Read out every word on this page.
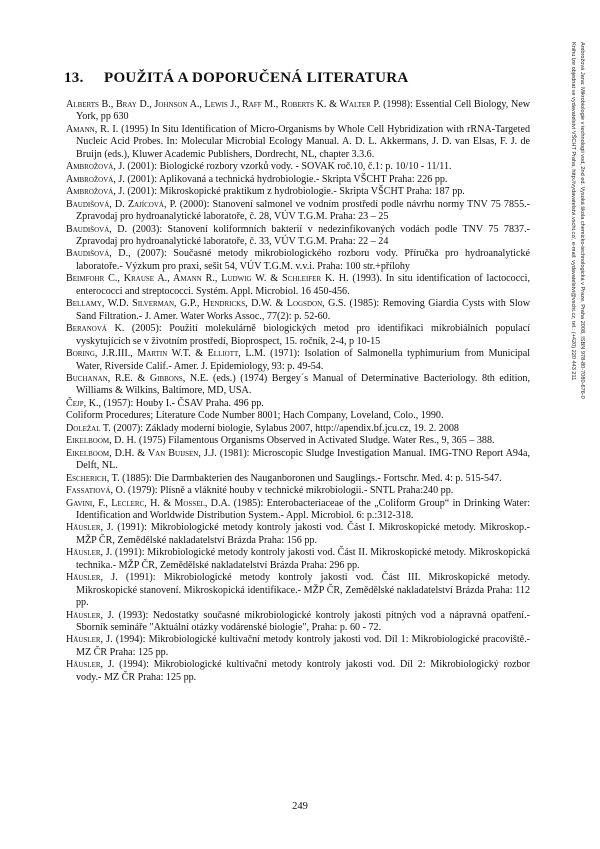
13. POUŽITÁ A DOPORUČENÁ LITERATURA

Alberts B., Bray D., Johnson A., Lewis J., Raff M., Roberts K. & Walter P. (1998): Essential Cell Biology, New York, pp 630

Amann, R. I. (1995) In Situ Identification of Micro-Organisms by Whole Cell Hybridization with rRNA-Targeted Nucleic Acid Probes. In: Molecular Microbial Ecology Manual. A. D. L. Akkermans, J. D. van Elsas, F. J. de Bruijn (eds.), Kluwer Academic Publishers, Dordrecht, NL, chapter 3.3.6.

Ambrožová, J. (2001): Biologické rozbory vzorků vody. - SOVAK roč.10, č.1: p. 10/10 - 11/11.

Ambrožová, J. (2001): Aplikovaná a technická hydrobiologie.- Skripta VŠCHT Praha: 226 pp.

Ambrožová, J. (2001): Mikroskopické praktikum z hydrobiologie.- Skripta VŠCHT Praha: 187 pp.

Baudišová, D. Zajícová, P. (2000): Stanovení salmonel ve vodním prostředí podle návrhu normy TNV 75 7855.- Zpravodaj pro hydroanalytické laboratoře, č. 28, VÚV T.G.M. Praha: 23 – 25

Baudišová, D. (2003): Stanovení koliformních bakterií v nedezinfikovaných vodách podle TNV 75 7837.- Zpravodaj pro hydroanalytické laboratoře, č. 33, VÚV T.G.M. Praha: 22 – 24

Baudišová, D., (2007): Současné metody mikrobiologického rozboru vody. Příručka pro hydroanalytické laboratoře.- Výzkum pro praxi, sešit 54, VÚV T.G.M. v.v.i. Praha: 100 str.+přílohy

Beimfohr C., Krause A., Amann R., Ludwig W. & Schleifer K. H. (1993). In situ identification of lactococci, enterococci and streptococci. Systém. Appl. Microbiol. 16 450-456.

Bellamy, W.D. Silverman, G.P., Hendricks, D.W. & Logsdon, G.S. (1985): Removing Giardia Cysts with Slow Sand Filtration.- J. Amer. Water Works Assoc., 77(2): p. 52-60.

Beranová K. (2005): Použití molekulárně biologických metod pro identifikaci mikrobiálních populací vyskytujících se v životním prostředí, Bioprospect, 15. ročník, 2-4, p 10-15

Boring, J.R.III., Martin W.T. & Elliott, L.M. (1971): Isolation of Salmonella typhimurium from Municipal Water, Riverside Calif.- Amer. J. Epidemiology, 93: p. 49-54.

Buchanan, R.E. & Gibbons, N.E. (eds.) (1974) Bergey´s Manual of Determinative Bacteriology. 8th edition, Williams & Wilkins, Baltimore, MD, USA.

Čejp, K., (1957): Houby I.- ČSAV Praha. 496 pp.

Coliform Procedures; Literature Code Number 8001; Hach Company, Loveland, Colo., 1990.

Doležal T. (2007): Základy moderní biologie, Sylabus 2007, http://apendix.bf.jcu.cz, 19. 2. 2008

Eikelboom, D. H. (1975) Filamentous Organisms Observed in Activated Sludge. Water Res., 9, 365 – 388.

Eikelboom, D.H. & Van Buijsen, J.J. (1981): Microscopic Sludge Investigation Manual. IMG-TNO Report A94a, Delft, NL.

Escherich, T. (1885): Die Darmbakterien des Nauganboronen und Sauglings.- Fortschr. Med. 4: p. 515-547.

Fassatiová, O. (1979): Plísně a vláknité houby v technické mikrobiologii.- SNTL Praha:240 pp.

Gavini, F., Leclerc, H. & Mossel, D.A. (1985): Enterobacteriaceae of the „Coliform Group“ in Drinking Water: Identification and Worldwide Distribution System.- Appl. Microbiol. 6: p.:312-318.

Häusler, J. (1991): Mikrobiologické metody kontroly jakosti vod. Část I. Mikroskopické metody. Mikroskop.- MŽP ČR, Zemědělské nakladatelství Brázda Praha: 156 pp.

Häusler, J. (1991): Mikrobiologické metody kontroly jakosti vod. Část II. Mikroskopické metody. Mikroskopická technika.- MŽP ČR, Zemědělské nakladatelství Brázda Praha: 296 pp.

Häusler, J. (1991): Mikrobiologické metody kontroly jakosti vod. Část III. Mikroskopické metody. Mikroskopické stanovení. Mikroskopická identifikace.- MŽP ČR, Zemědělské nakladatelství Brázda Praha: 112 pp.

Häusler, J. (1993): Nedostatky současné mikrobiologické kontroly jakosti pitných vod a nápravná opatření.- Sborník semináře "Aktuální otázky vodárenské biologie", Praha: p. 60 - 72.

Häusler, J. (1994): Mikrobiologické kultivační metody kontroly jakosti vod. Díl 1: Mikrobiologické pracoviště.- MZ ČR Praha: 125 pp.

Häusler, J. (1994): Mikrobiologické kultivační metody kontroly jakosti vod. Díl 2: Mikrobiologický rozbor vody.- MZ ČR Praha: 125 pp.

Ambrožová Jana: Mikrobiologie v technologii vod, 2nd ed. Vysoká škola chemicko-technologická v Praze, Praha 2008, ISBN 978-80-7080-676-0
Knihu lze objednat ve vydavatelství VŠCHT Praha, http://vydavatelstvi.vscht.cz/, e-mail: vydavatelstvi@vscht.cz, tel.: (+420) 220 443 211
249
